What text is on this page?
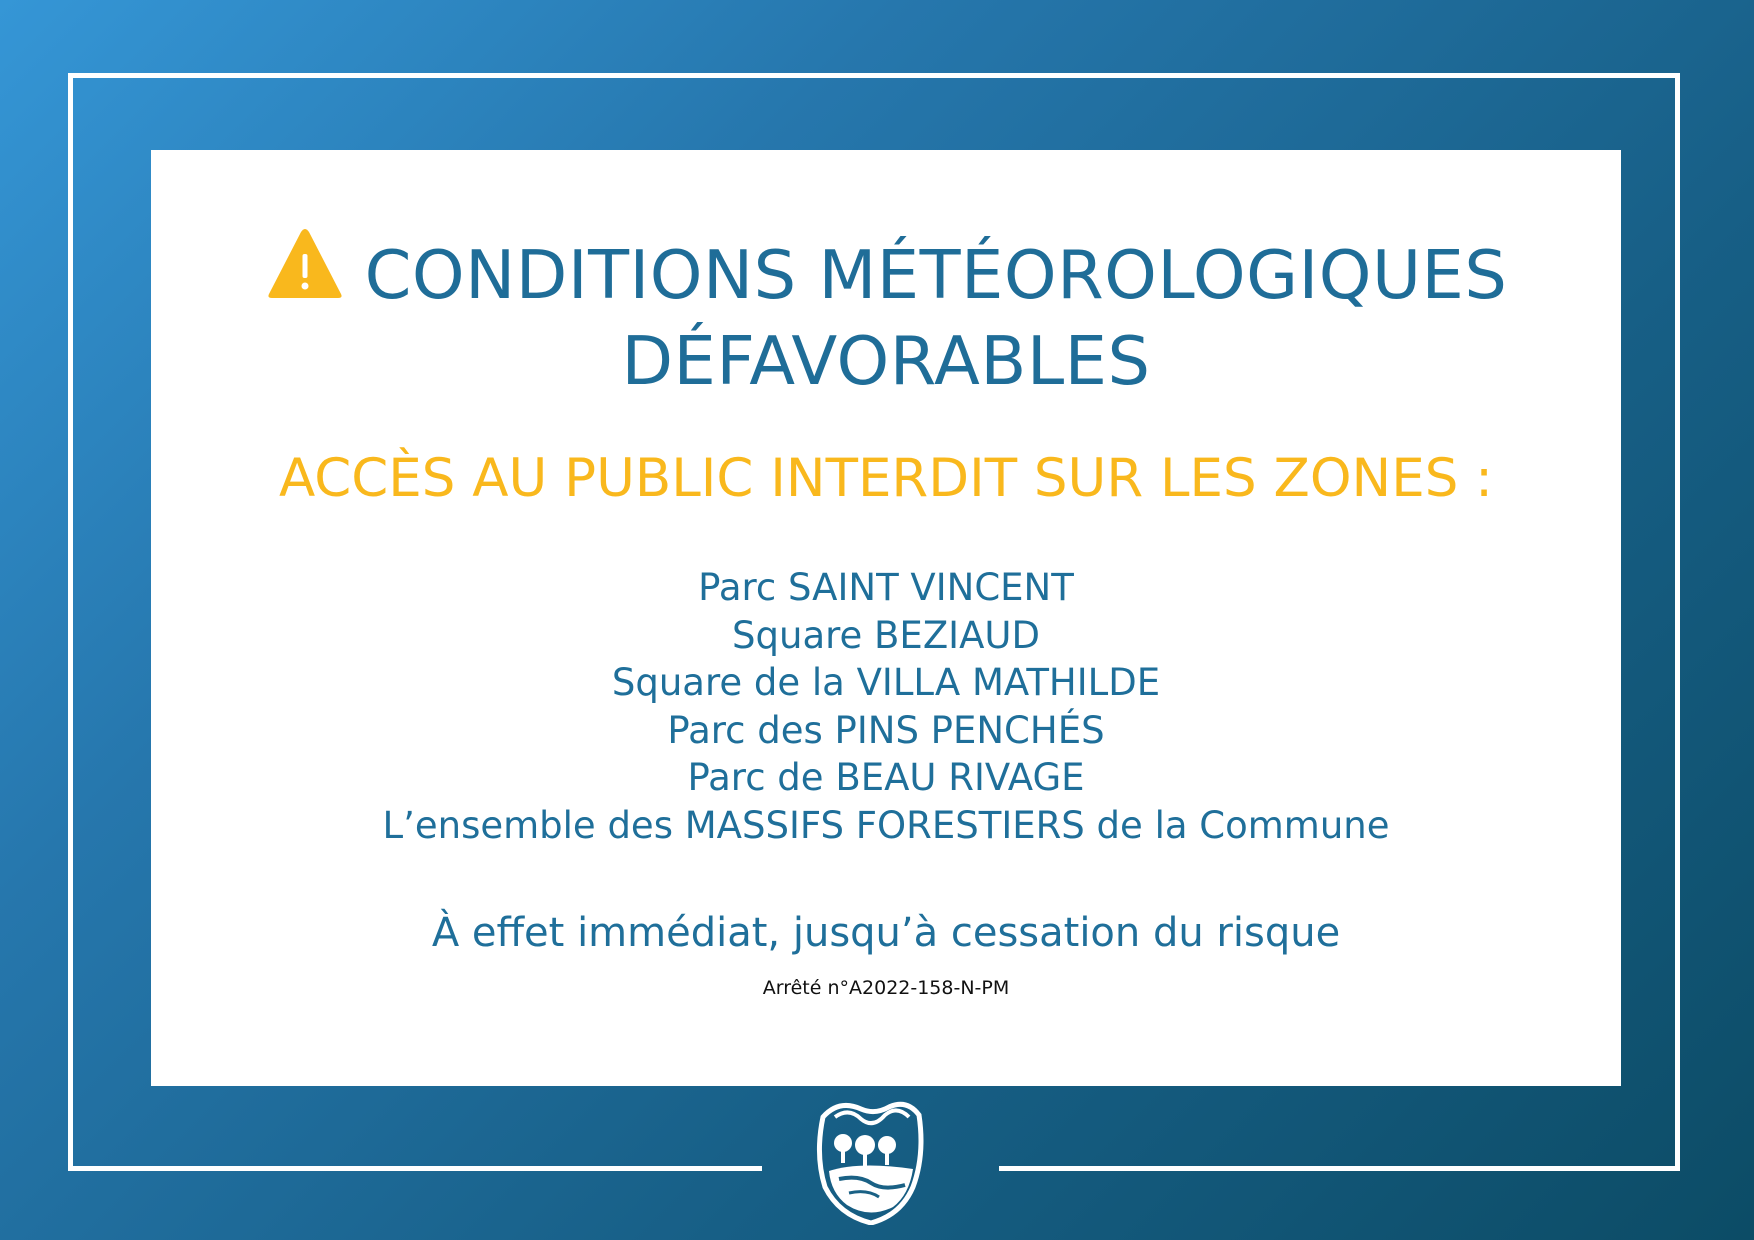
CONDITIONS MÉTÉOROLOGIQUES
DÉFAVORABLES
ACCÈS AU PUBLIC INTERDIT SUR LES ZONES :
Parc SAINT VINCENT
Square BEZIAUD
Square de la VILLA MATHILDE
Parc des PINS PENCHÉS
Parc de BEAU RIVAGE
L’ensemble des MASSIFS FORESTIERS de la Commune
À effet immédiat, jusqu’à cessation du risque
Arrêté n°A2022-158-N-PM
